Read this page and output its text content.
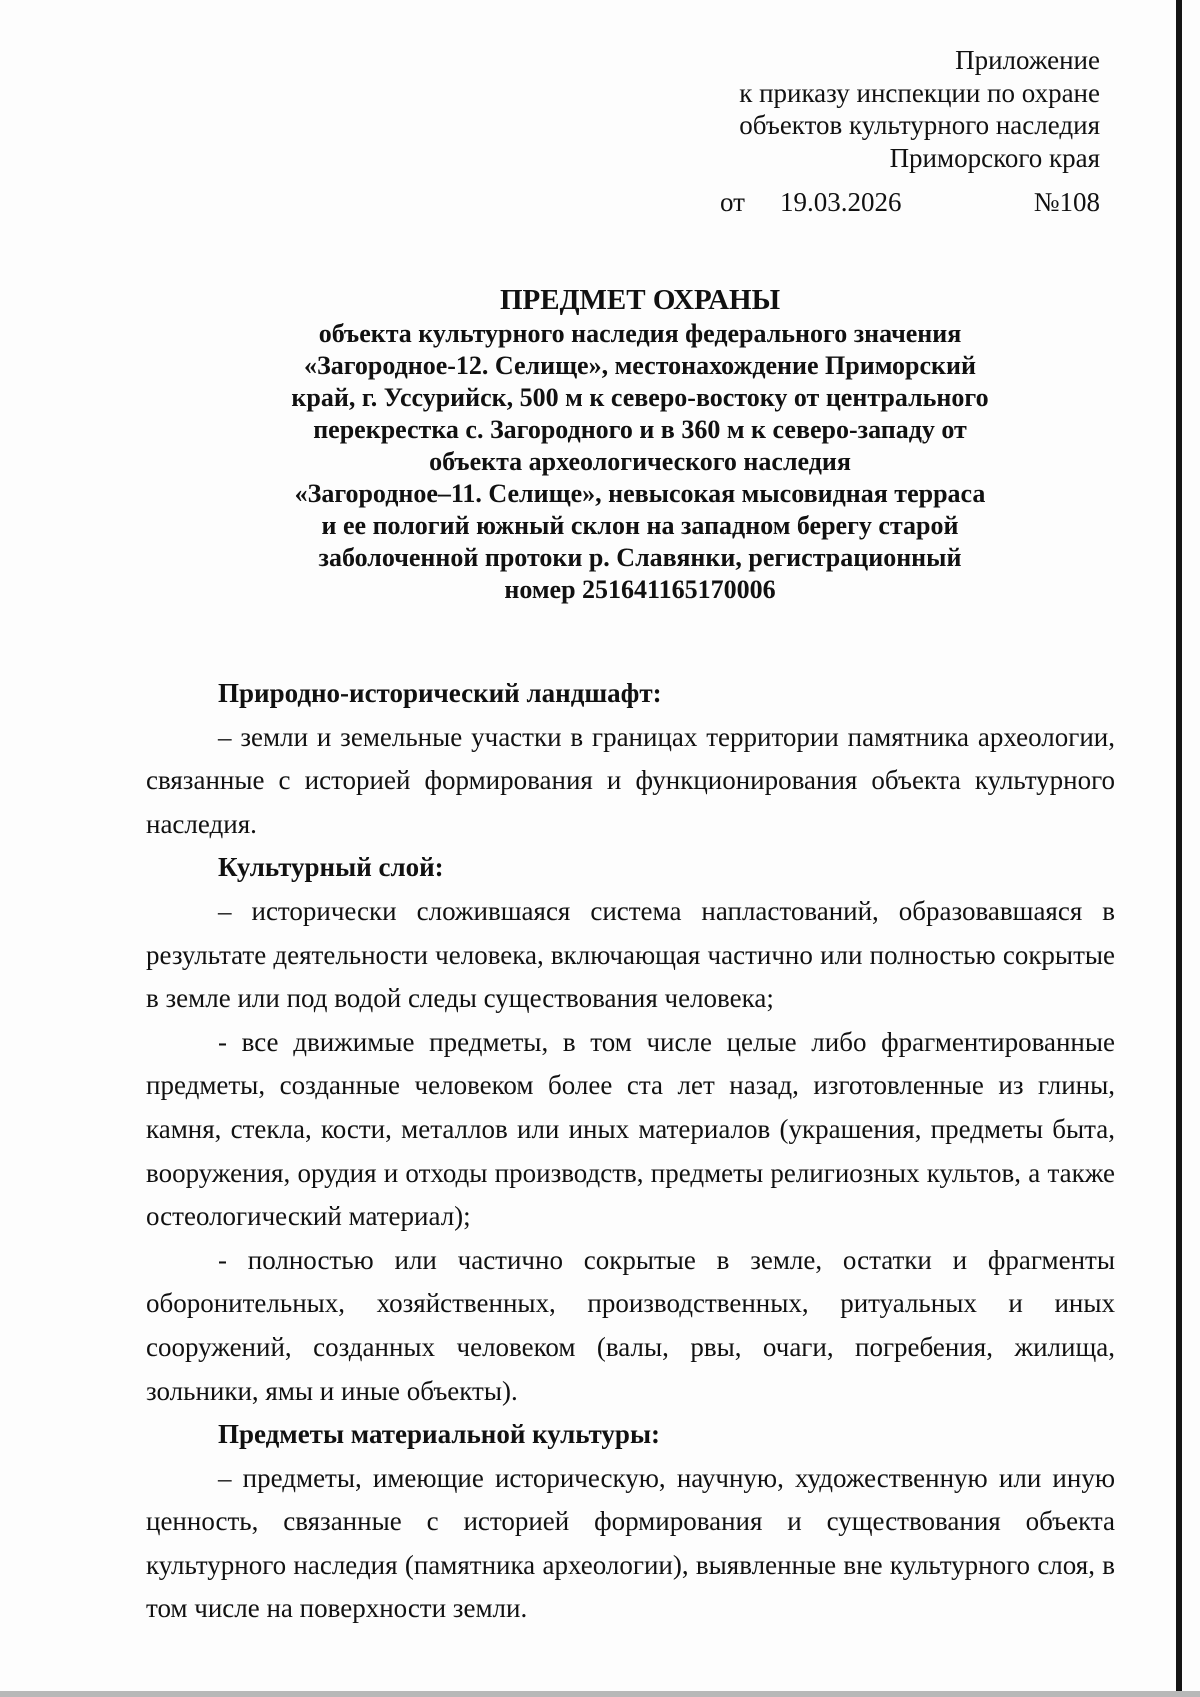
Приложение
к приказу инспекции по охране
объектов культурного наследия
Приморского края
от 19.03.2026	№108
ПРЕДМЕТ ОХРАНЫ
объекта культурного наследия федерального значения
«Загородное-12. Селище», местонахождение Приморский
край, г. Уссурийск, 500 м к северо-востоку от центрального
перекрестка с. Загородного и в 360 м к северо-западу от
объекта археологического наследия
«Загородное–11. Селище», невысокая мысовидная терраса
и ее пологий южный склон на западном берегу старой
заболоченной протоки р. Славянки, регистрационный
номер 251641165170006

Природно-исторический ландшафт:

– земли и земельные участки в границах территории памятника археологии, связанные с историей формирования и функционирования объекта культурного наследия.

Культурный слой:

– исторически сложившаяся система напластований, образовавшаяся в результате деятельности человека, включающая частично или полностью сокрытые в земле или под водой следы существования человека;

- все движимые предметы, в том числе целые либо фрагментированные предметы, созданные человеком более ста лет назад, изготовленные из глины, камня, стекла, кости, металлов или иных материалов (украшения, предметы быта, вооружения, орудия и отходы производств, предметы религиозных культов, а также остеологический материал);

- полностью или частично сокрытые в земле, остатки и фрагменты оборонительных, хозяйственных, производственных, ритуальных и иных сооружений, созданных человеком (валы, рвы, очаги, погребения, жилища, зольники, ямы и иные объекты).

Предметы материальной культуры:

– предметы, имеющие историческую, научную, художественную или иную ценность, связанные с историей формирования и существования объекта культурного наследия (памятника археологии), выявленные вне культурного слоя, в том числе на поверхности земли.
